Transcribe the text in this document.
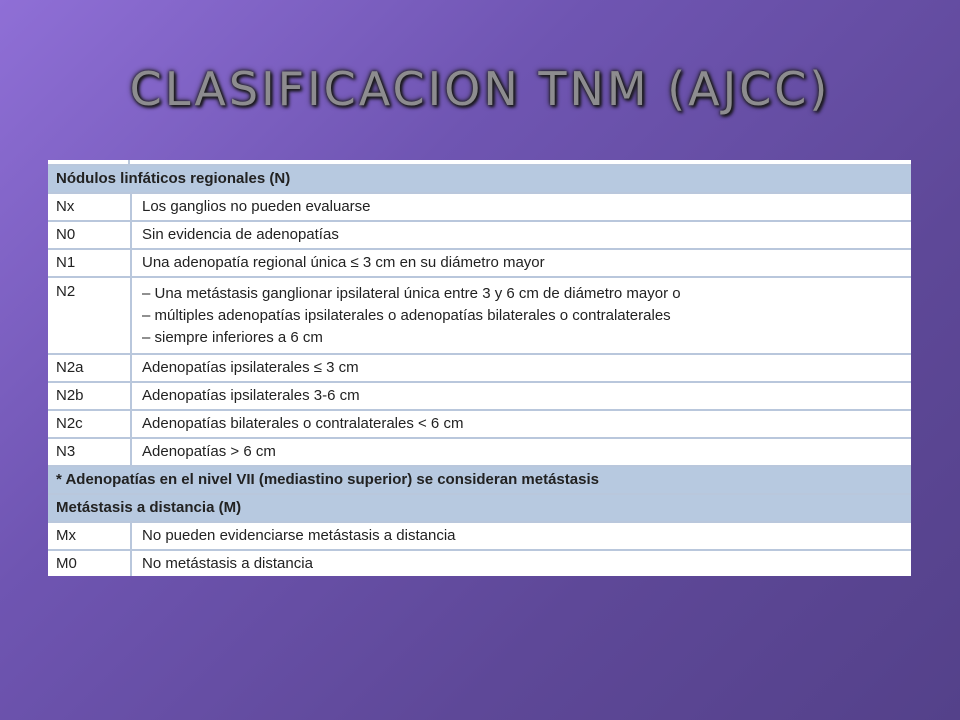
CLASIFICACION TNM (AJCC)
Nódulos linfáticos regionales (N)	
Nx	Los ganglios no pueden evaluarse
N0	Sin evidencia de adenopatías
N1	Una adenopatía regional única ≤ 3 cm en su diámetro mayor
N2	– Una metástasis ganglionar ipsilateral única entre 3 y 6 cm de diámetro mayor o
– múltiples adenopatías ipsilaterales o adenopatías bilaterales o contralaterales
– siempre inferiores a 6 cm

N2a	Adenopatías ipsilaterales ≤ 3 cm
N2b	Adenopatías ipsilaterales 3-6 cm
N2c	Adenopatías bilaterales o contralaterales < 6 cm
N3	Adenopatías > 6 cm
* Adenopatías en el nivel VII (mediastino superior) se consideran metástasis	
Metástasis a distancia (M)	
Mx	No pueden evidenciarse metástasis a distancia
M0	No metástasis a distancia
